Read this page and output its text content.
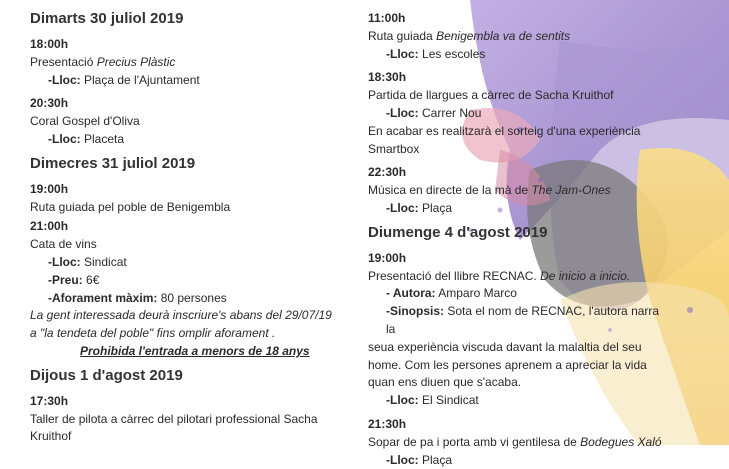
Dimarts 30 juliol 2019
18:00h
Presentació Precius Plàstic
-Lloc: Plaça de l'Ajuntament
20:30h
Coral Gospel d'Oliva
-Lloc: Placeta
Dimecres 31 juliol 2019
19:00h
Ruta guiada pel poble de Benigembla
21:00h
Cata de vins
-Lloc: Sindicat
-Preu: 6€
-Aforament màxim: 80 persones
La gent interessada deurà inscriure's abans del 29/07/19
a "la tendeta del poble" fins omplir aforament .
Prohibida l'entrada a menors de 18 anys
Dijous 1 d'agost 2019
17:30h
Taller de pilota a càrrec del pilotari professional Sacha
Kruithof
11:00h
Ruta guiada Benigembla va de sentits
-Lloc: Les escoles
18:30h
Partida de llargues a càrrec de Sacha Kruithof
-Lloc: Carrer Nou
En acabar es realitzarà el sorteig d'una experiència
Smartbox
22:30h
Música en directe de la mà de The Jam-Ones
-Lloc: Plaça
Diumenge 4 d'agost 2019
19:00h
Presentació del llibre RECNAC. De inicio a inicio.
- Autora: Amparo Marco
-Sinopsis: Sota el nom de RECNAC, l'autora narra la
seua experiència viscuda davant la malaltia del seu
home. Com les persones aprenem a apreciar la vida
quan ens diuen que s'acaba.
-Lloc: El Sindicat
21:30h
Sopar de pa i porta amb vi gentilesa de Bodegues Xaló
-Lloc: Plaça
